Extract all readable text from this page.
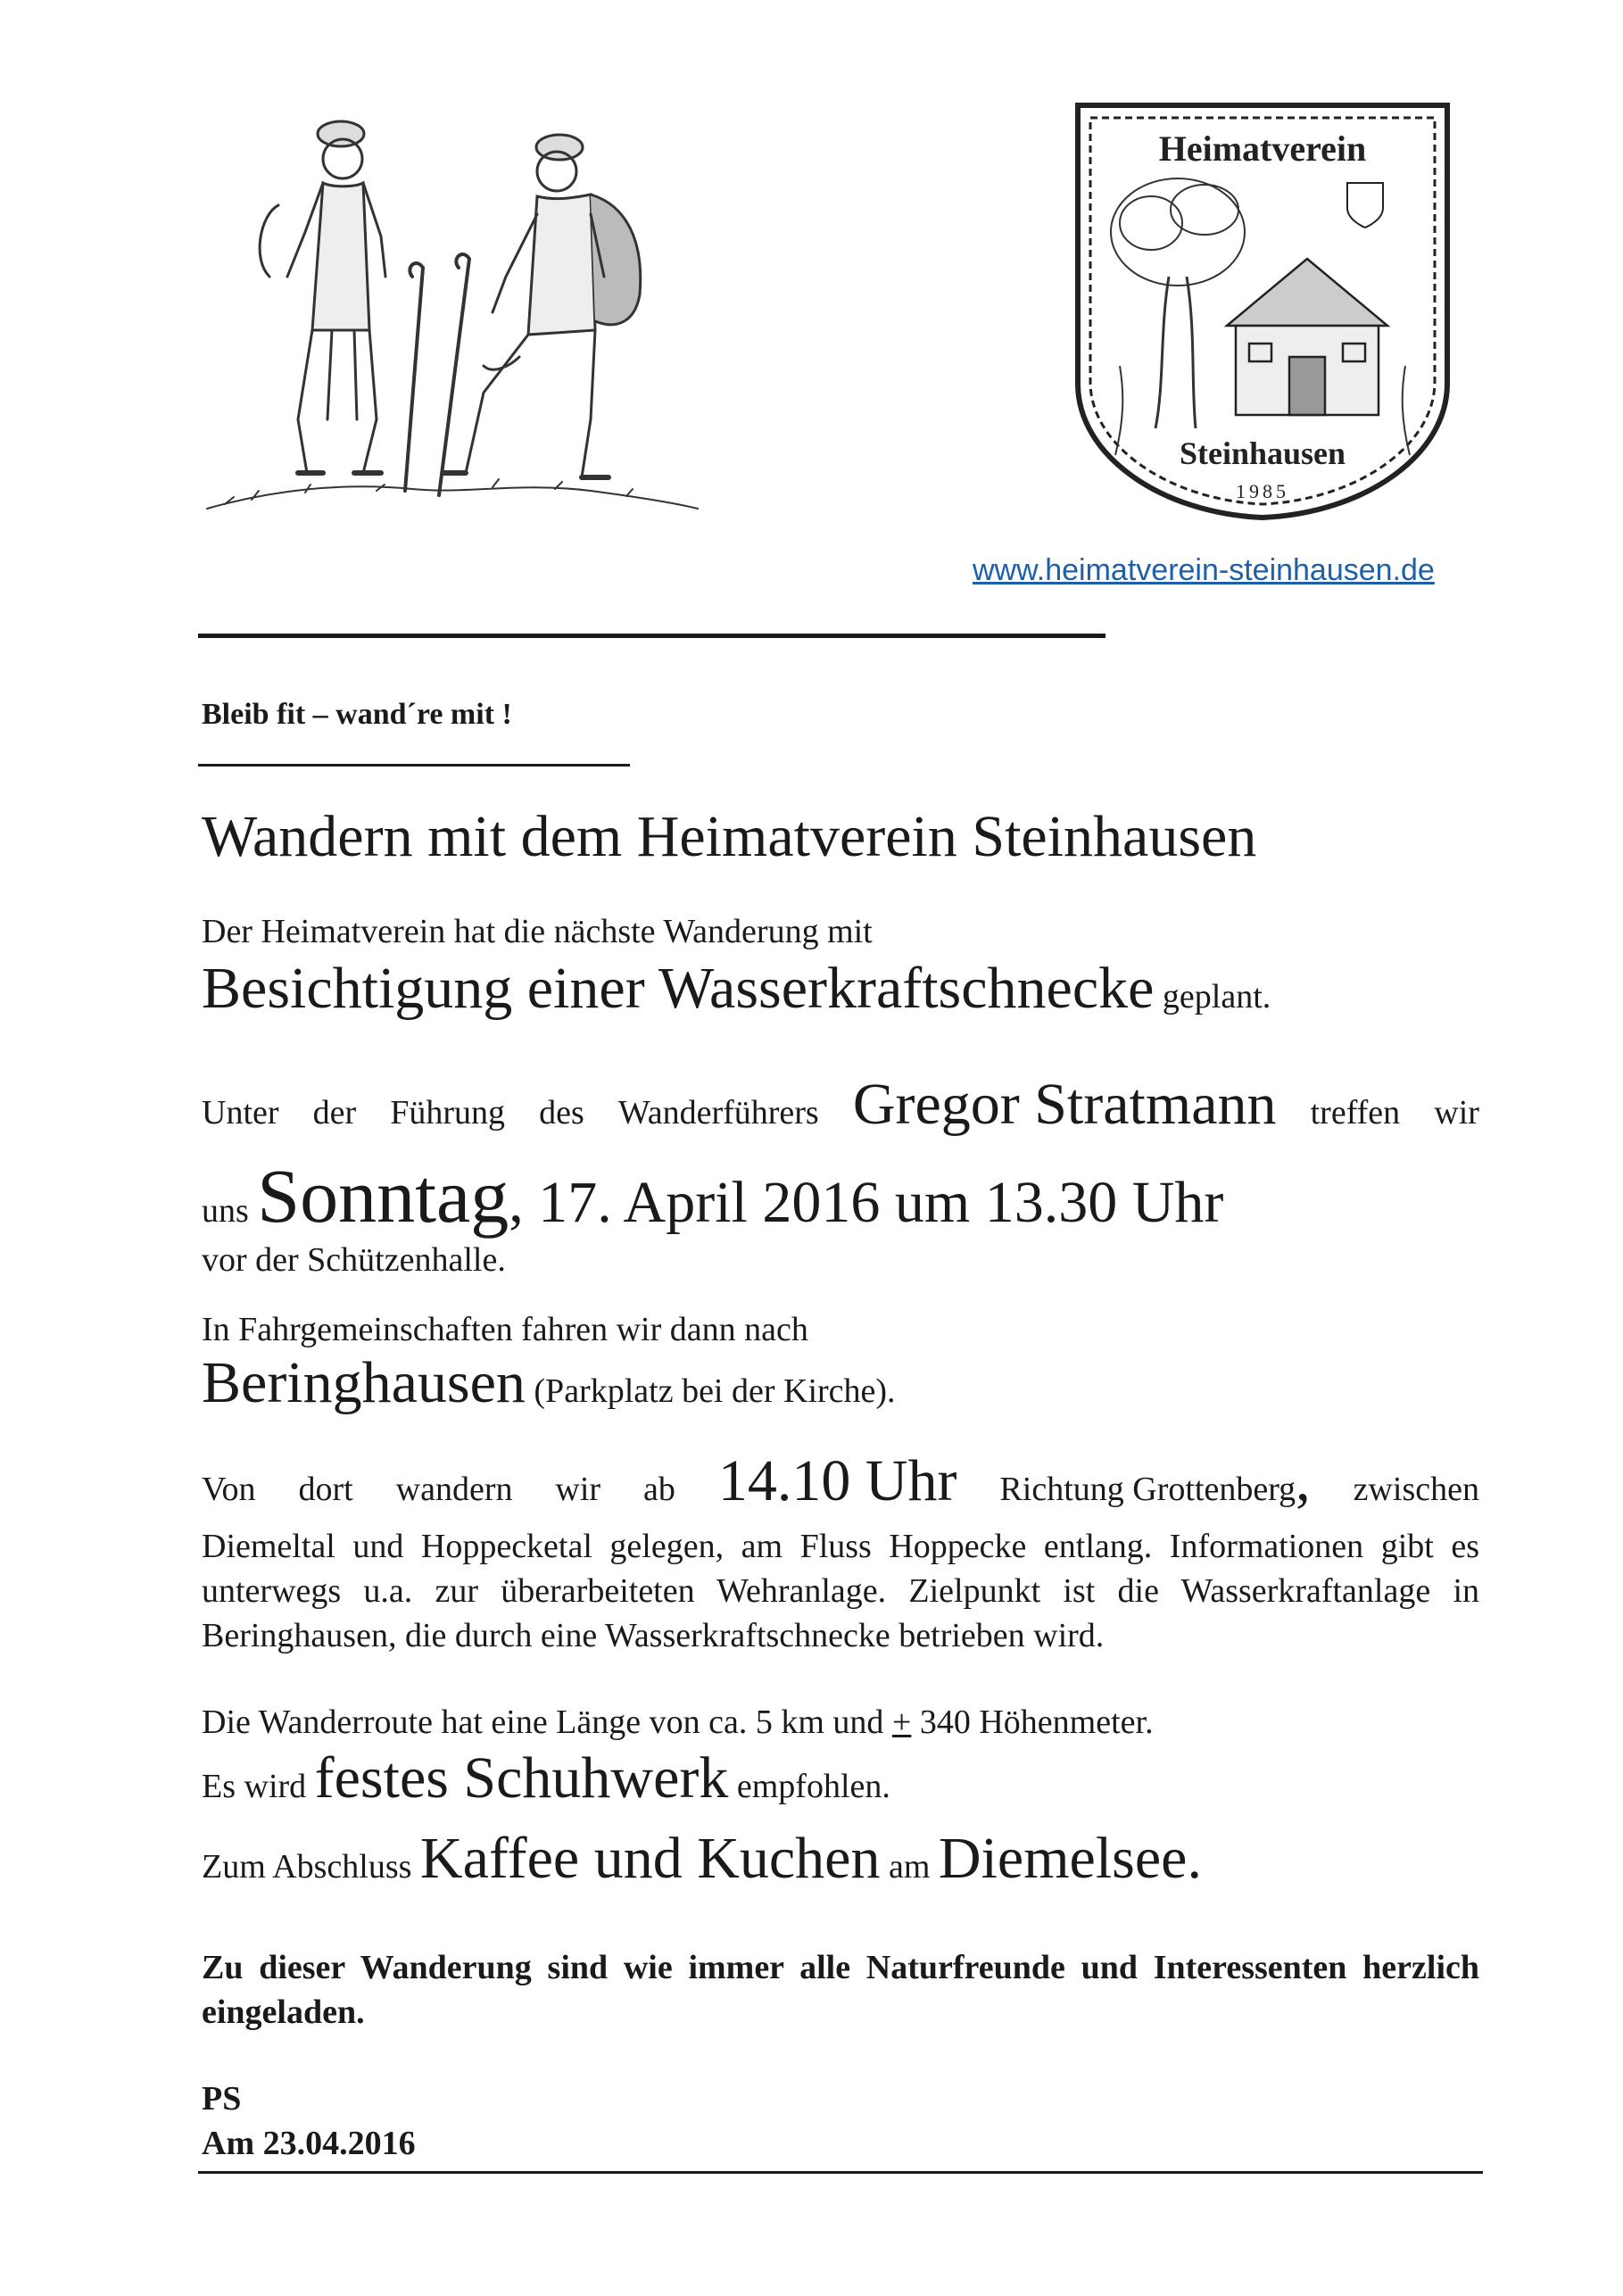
Heimatverein
Steinhausen
1985
www.heimatverein-steinhausen.de
Bleib fit – wand´re mit !
Wandern mit dem Heimatverein Steinhausen
Der Heimatverein hat die nächste Wanderung mit
Besichtigung einer Wasserkraftschnecke geplant.
Unter der Führung des Wanderführers Gregor Stratmann treffen wir
uns Sonntag, 17. April 2016 um 13.30 Uhr
vor der Schützenhalle.
In Fahrgemeinschaften fahren wir dann nach
Beringhausen (Parkplatz bei der Kirche).
Von dort wandern wir ab 14.10 Uhr Richtung Grottenberg, zwischen
Diemeltal und Hoppecketal gelegen, am Fluss Hoppecke entlang. Informationen gibt es unterwegs u.a. zur überarbeiteten Wehranlage. Zielpunkt ist die Wasserkraftanlage in Beringhausen, die durch eine Wasserkraftschnecke betrieben wird.
Die Wanderroute hat eine Länge von ca. 5 km und + 340 Höhenmeter.
Es wird festes Schuhwerk empfohlen.
Zum Abschluss Kaffee und Kuchen am Diemelsee.
Zu dieser Wanderung sind wie immer alle Naturfreunde und Interessenten herzlich eingeladen.
PS
Am 23.04.2016
